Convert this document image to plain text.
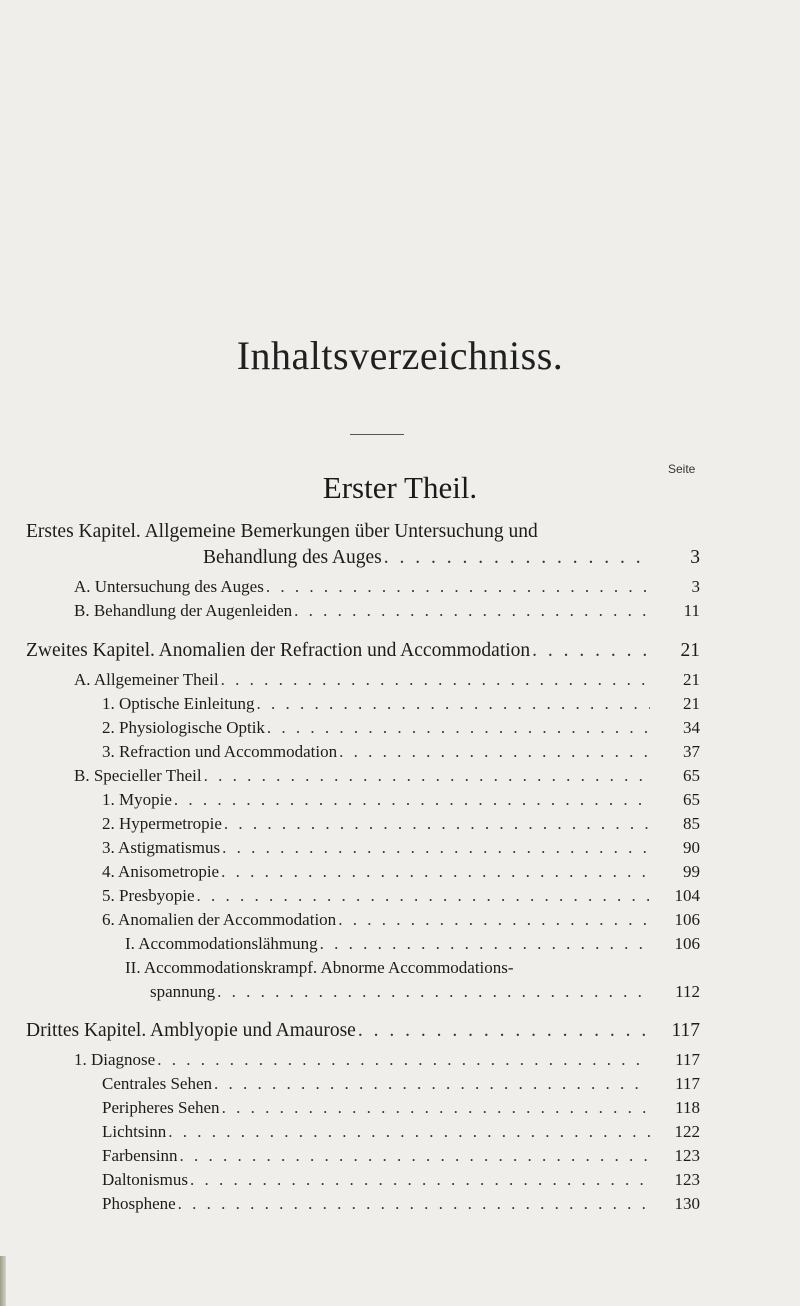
Inhaltsverzeichniss.
Seite
Erster Theil.
Erstes Kapitel. Allgemeine Bemerkungen über Untersuchung und
Behandlung des Auges . . .	3
A. Untersuchung des Auges . . .	3
B. Behandlung der Augenleiden . . .	11
Zweites Kapitel. Anomalien der Refraction und Accommodation . . .	21
A. Allgemeiner Theil . . .	21
1. Optische Einleitung . . .	21
2. Physiologische Optik . . .	34
3. Refraction und Accommodation . . .	37
B. Specieller Theil . . .	65
1. Myopie . . .	65
2. Hypermetropie . . .	85
3. Astigmatismus . . .	90
4. Anisometropie . . .	99
5. Presbyopie . . .	104
6. Anomalien der Accommodation . . .	106
I. Accommodationslähmung . . .	106
II. Accommodationskrampf. Abnorme Accommodations-
spannung . . .	112
Drittes Kapitel. Amblyopie und Amaurose . . .	117
1. Diagnose . . .	117
Centrales Sehen . . .	117
Peripheres Sehen . . .	118
Lichtsinn . . .	122
Farbensinn . . .	123
Daltonismus . . .	123
Phosphene . . .	130
